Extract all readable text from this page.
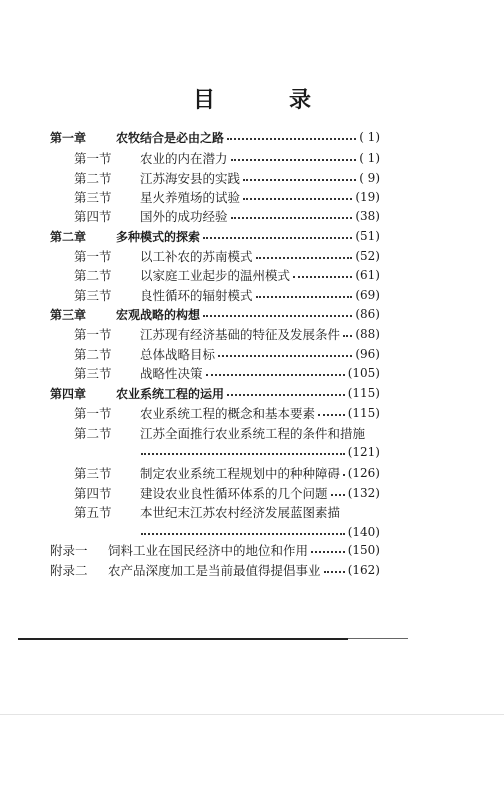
目　录
第一章	农牧结合是必由之路	( 1)
第一节	农业的内在潜力	( 1)
第二节	江苏海安县的实践	( 9)
第三节	星火养殖场的试验	(19)
第四节	国外的成功经验	(38)
第二章	多种模式的探索	(51)
第一节	以工补农的苏南模式	(52)
第二节	以家庭工业起步的温州模式	(61)
第三节	良性循环的辐射模式	(69)
第三章	宏观战略的构想	(86)
第一节	江苏现有经济基础的特征及发展条件 (88)
第二节	总体战略目标	(96)
第三节	战略性决策	(105)
第四章	农业系统工程的运用	(115)
第一节	农业系统工程的概念和基本要素	(115)
第二节	江苏全面推行农业系统工程的条件和措施
(121)
第三节	制定农业系统工程规划中的种种障碍 (126)
第四节	建设农业良性循环体系的几个问题 (132)
第五节	本世纪末江苏农村经济发展蓝图素描
(140)
附录一	饲料工业在国民经济中的地位和作用	(150)
附录二	农产品深度加工是当前最值得提倡事业 (162)
